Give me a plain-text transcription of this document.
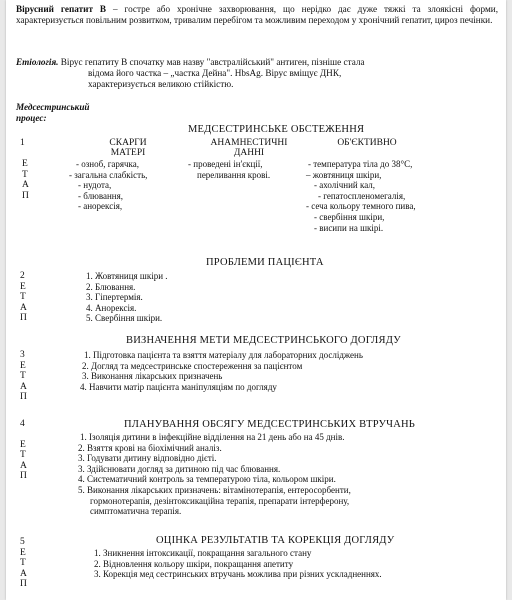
Вірусний гепатит В – гостре або хронічне захворювання, що нерідко дає дуже тяжкі та злоякісні форми, характеризується повільним розвитком, тривалим перебігом та можливим переходом у хронічний гепатит, цироз печінки.
Етіологія. Вірус гепатиту В спочатку мав назву "австралійський" антиген, пізніше стала
відома його частка – „частка Дейна". HbsAg. Вірус вміщує ДНК,
характеризується великою стійкістю.
Медсестринський
процес:
МЕДСЕСТРИНСЬКЕ ОБСТЕЖЕННЯ
1	СКАРГИ
МАТЕРІ
АНАМНЕСТИЧНІ
ДАННІ
ОБ'ЄКТИВНО
Е
Т
А
П
- озноб, гарячка,
- загальна слабкість,
- нудота,
- блювання,
- анорексія,
- проведені ін'єкції,
переливання крові.
- температура тіла до 38°С,
– жовтяниця шкіри,
- ахолічний кал,
- гепатоспленомегалія,
- сеча кольору темного пива,
- свербіння шкіри,
- висипи на шкірі.
ПРОБЛЕМИ ПАЦІЄНТА
2
Е
Т
А
П
1. Жовтяниця шкіри .
2. Блювання.
3. Гіпертермія.
4. Анорексія.
5. Свербіння шкіри.
ВИЗНАЧЕННЯ МЕТИ МЕДСЕСТРИНСЬКОГО ДОГЛЯДУ
3
Е
Т
А
П
1. Підготовка пацієнта та взяття матеріалу для лабораторних досліджень
2. Догляд та медсестринське спостереження за пацієнтом
3. Виконання лікарських призначень
4. Навчити матір пацієнта маніпуляціям по догляду
ПЛАНУВАННЯ ОБСЯГУ МЕДСЕСТРИНСЬКИХ ВТРУЧАНЬ
4
Е
Т
А
П
1. Ізоляція дитини в інфекційне відділення на 21 день або на 45 днів.
2. Взяття крові на біохімічний аналіз.
3. Годувати дитину відповідно дієті.
3. Здійснювати догляд за дитиною під час блювання.
4. Систематичний контроль за температурою тіла, кольором шкіри.
5. Виконання лікарських призначень: вітамінотерапія, ентеросорбенти,
гормонотерапія, дезінтоксикаційна терапія, препарати інтерферону,
симптоматична терапія.
ОЦІНКА РЕЗУЛЬТАТІВ ТА КОРЕКЦІЯ ДОГЛЯДУ
5
Е
Т
А
П
1. Зникнення інтоксикації, покращання загального стану
2. Відновлення кольору шкіри, покращання апетиту
3. Корекція мед сестринських втручань можлива при різних ускладненнях.
